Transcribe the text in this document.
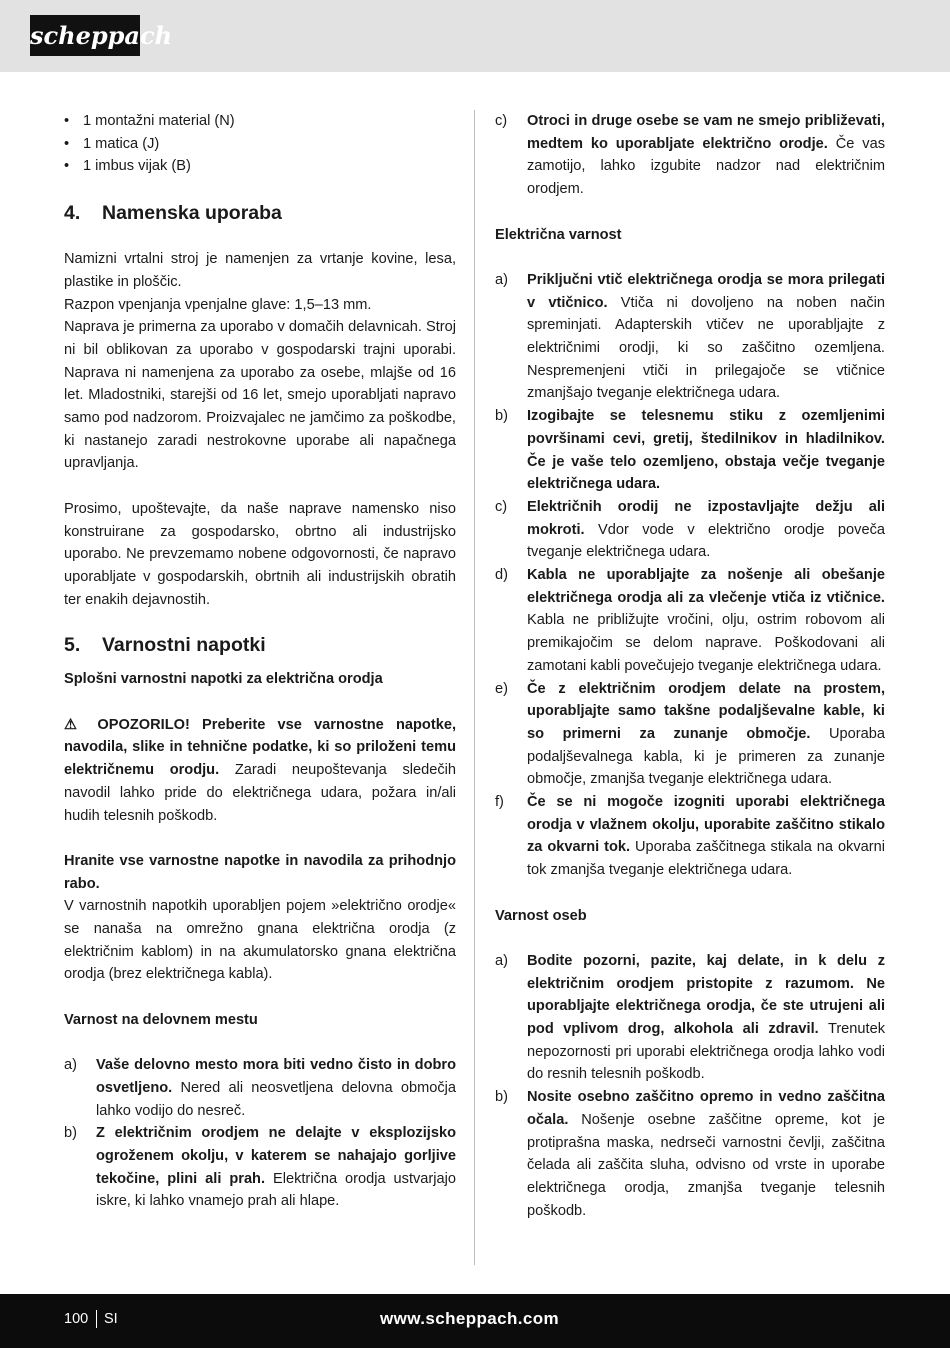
scheppach
• 1 montažni material (N)
• 1 matica (J)
• 1 imbus vijak (B)
4.	Namenska uporaba

Namizni vrtalni stroj je namenjen za vrtanje kovine, lesa, plastike in ploščic.

Razpon vpenjanja vpenjalne glave: 1,5–13 mm.

Naprava je primerna za uporabo v domačih delavnicah. Stroj ni bil oblikovan za uporabo v gospodarski trajni uporabi. Naprava ni namenjena za uporabo za osebe, mlajše od 16 let. Mladostniki, starejši od 16 let, smejo uporabljati napravo samo pod nadzorom. Proizvajalec ne jamčimo za poškodbe, ki nastanejo zaradi nestrokovne uporabe ali napačnega upravljanja.

Prosimo, upoštevajte, da naše naprave namensko niso konstruirane za gospodarsko, obrtno ali industrijsko uporabo. Ne prevzemamo nobene odgovornosti, če napravo uporabljate v gospodarskih, obrtnih ali industrijskih obratih ter enakih dejavnostih.

5.	Varnostni napotki

Splošni varnostni napotki za električna orodja

⚠ OPOZORILO! Preberite vse varnostne napotke, navodila, slike in tehnične podatke, ki so priloženi temu električnemu orodju. Zaradi neupoštevanja sledečih navodil lahko pride do električnega udara, požara in/ali hudih telesnih poškodb.

Hranite vse varnostne napotke in navodila za prihodnjo rabo.

V varnostnih napotkih uporabljen pojem »električno orodje« se nanaša na omrežno gnana električna orodja (z električnim kablom) in na akumulatorsko gnana električna orodja (brez električnega kabla).

Varnost na delovnem mestu

a)	Vaše delovno mesto mora biti vedno čisto in dobro osvetljeno. Nered ali neosvetljena delovna območja lahko vodijo do nesreč.
b)	Z električnim orodjem ne delajte v eksplozijsko ogroženem okolju, v katerem se nahajajo gorljive tekočine, plini ali prah. Električna orodja ustvarjajo iskre, ki lahko vnamejo prah ali hlape.
c)	Otroci in druge osebe se vam ne smejo približevati, medtem ko uporabljate električno orodje. Če vas zamotijo, lahko izgubite nadzor nad električnim orodjem.

Električna varnost

a)	Priključni vtič električnega orodja se mora prilegati v vtičnico. Vtiča ni dovoljeno na noben način spreminjati. Adapterskih vtičev ne uporabljajte z električnimi orodji, ki so zaščitno ozemljena. Nespremenjeni vtiči in prilegajoče se vtičnice zmanjšajo tveganje električnega udara.
b)	Izogibajte se telesnemu stiku z ozemljenimi površinami cevi, gretij, štedilnikov in hladilnikov. Če je vaše telo ozemljeno, obstaja večje tveganje električnega udara.
c)	Električnih orodij ne izpostavljajte dežju ali mokroti. Vdor vode v električno orodje poveča tveganje električnega udara.
d)	Kabla ne uporabljajte za nošenje ali obešanje električnega orodja ali za vlečenje vtiča iz vtičnice. Kabla ne približujte vročini, olju, ostrim robovom ali premikajočim se delom naprave. Poškodovani ali zamotani kabli povečujejo tveganje električnega udara.
e)	Če z električnim orodjem delate na prostem, uporabljajte samo takšne podaljševalne kable, ki so primerni za zunanje območje. Uporaba podaljševalnega kabla, ki je primeren za zunanje območje, zmanjša tveganje električnega udara.
f)	Če se ni mogoče izogniti uporabi električnega orodja v vlažnem okolju, uporabite zaščitno stikalo za okvarni tok. Uporaba zaščitnega stikala na okvarni tok zmanjša tveganje električnega udara.

Varnost oseb

a)	Bodite pozorni, pazite, kaj delate, in k delu z električnim orodjem pristopite z razumom. Ne uporabljajte električnega orodja, če ste utrujeni ali pod vplivom drog, alkohola ali zdravil. Trenutek nepozornosti pri uporabi električnega orodja lahko vodi do resnih telesnih poškodb.
b)	Nosite osebno zaščitno opremo in vedno zaščitna očala. Nošenje osebne zaščitne opreme, kot je protiprašna maska, nedrseči varnostni čevlji, zaščitna čelada ali zaščita sluha, odvisno od vrste in uporabe električnega orodja, zmanjša tveganje telesnih poškodb.
100 SI	www.scheppach.com
